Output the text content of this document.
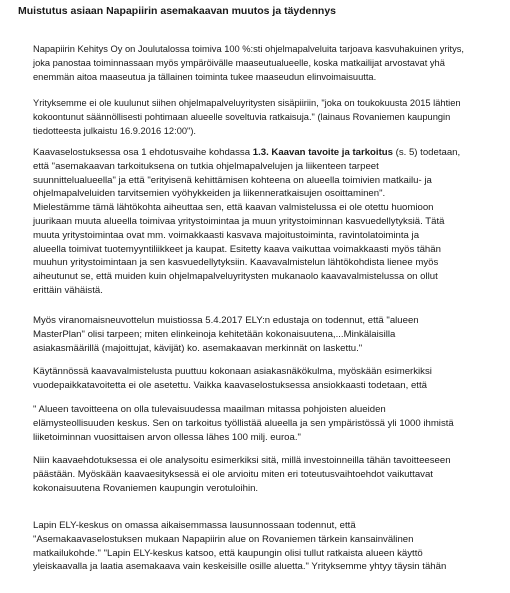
Muistutus asiaan Napapiirin asemakaavan muutos ja täydennys
Napapiirin Kehitys Oy on Joulutalossa toimiva 100 %:sti ohjelmapalveluita tarjoava kasvuhakuinen yritys,
joka panostaa toiminnassaan myös ympäröivälle maaseutualueelle, koska matkailijat arvostavat yhä
enemmän aitoa maaseutua ja tällainen toiminta tukee maaseudun elinvoimaisuutta.
Yrityksemme ei ole kuulunut siihen ohjelmapalveluyritysten sisäpiiriin, "joka on toukokuusta 2015 lähtien
kokoontunut säännöllisesti pohtimaan alueelle soveltuvia ratkaisuja." (lainaus Rovaniemen kaupungin
tiedotteesta julkaistu 16.9.2016 12:00").
Kaavaselostuksessa osa 1 ehdotusvaihe kohdassa 1.3. Kaavan tavoite ja tarkoitus (s. 5) todetaan,
että "asemakaavan tarkoituksena on tutkia ohjelmapalvelujen ja liikenteen tarpeet
suunnittelualueella" ja että "erityisenä kehittämisen kohteena on alueella toimivien matkailu- ja
ohjelmapalveluiden tarvitsemien vyöhykkeiden ja liikenneratkaisujen osoittaminen".
Mielestämme tämä lähtökohta aiheuttaa sen, että kaavan valmistelussa ei ole otettu huomioon
juurikaan muuta alueella toimivaa yritystoimintaa ja muun yritystoiminnan kasvuedellytyksiä. Tätä
muuta yritystoimintaa ovat mm. voimakkaasti kasvava majoitustoiminta, ravintolatoiminta ja
alueella toimivat tuotemyyntiliikkeet ja kaupat. Esitetty kaava vaikuttaa voimakkaasti myös tähän
muuhun yritystoimintaan ja sen kasvuedellytyksiin. Kaavavalmistelun lähtökohdista lienee myös
aiheutunut se, että muiden kuin ohjelmapalveluyritysten mukanaolo kaavavalmistelussa on ollut
erittäin vähäistä.
Myös viranomaisneuvottelun muistiossa 5.4.2017 ELY:n edustaja on todennut, että "alueen
MasterPlan" olisi tarpeen; miten elinkeinoja kehitetään kokonaisuutena,...Minkälaisilla
asiakasmäärillä (majoittujat, kävijät) ko. asemakaavan merkinnät on laskettu."
Käytännössä kaavavalmistelusta puuttuu kokonaan asiakasnäkökulma, myöskään esimerkiksi
vuodepaikkatavoitetta ei ole asetettu. Vaikka kaavaselostuksessa ansiokkaasti todetaan, että
" Alueen tavoitteena on olla tulevaisuudessa maailman mitassa pohjoisten alueiden
elämysteollisuuden keskus. Sen on tarkoitus työllistää alueella ja sen ympäristössä yli 1000 ihmistä
liiketoiminnan vuosittaisen arvon ollessa lähes 100 milj. euroa."
Niin kaavaehdotuksessa ei ole analysoitu esimerkiksi sitä, millä investoinneilla tähän tavoitteeseen
päästään. Myöskään kaavaesityksessä ei ole arvioitu miten eri toteutusvaihtoehdot vaikuttavat
kokonaisuutena Rovaniemen kaupungin verotuloihin.
Lapin ELY-keskus on omassa aikaisemmassa lausunnossaan todennut, että
"Asemakaavaselostuksen mukaan Napapiirin alue on Rovaniemen tärkein kansainvälinen
matkailukohde." "Lapin ELY-keskus katsoo, että kaupungin olisi tullut ratkaista alueen käyttö
yleiskaavalla ja laatia asemakaava vain keskeisille osille aluetta." Yrityksemme yhtyy täysin tähän
